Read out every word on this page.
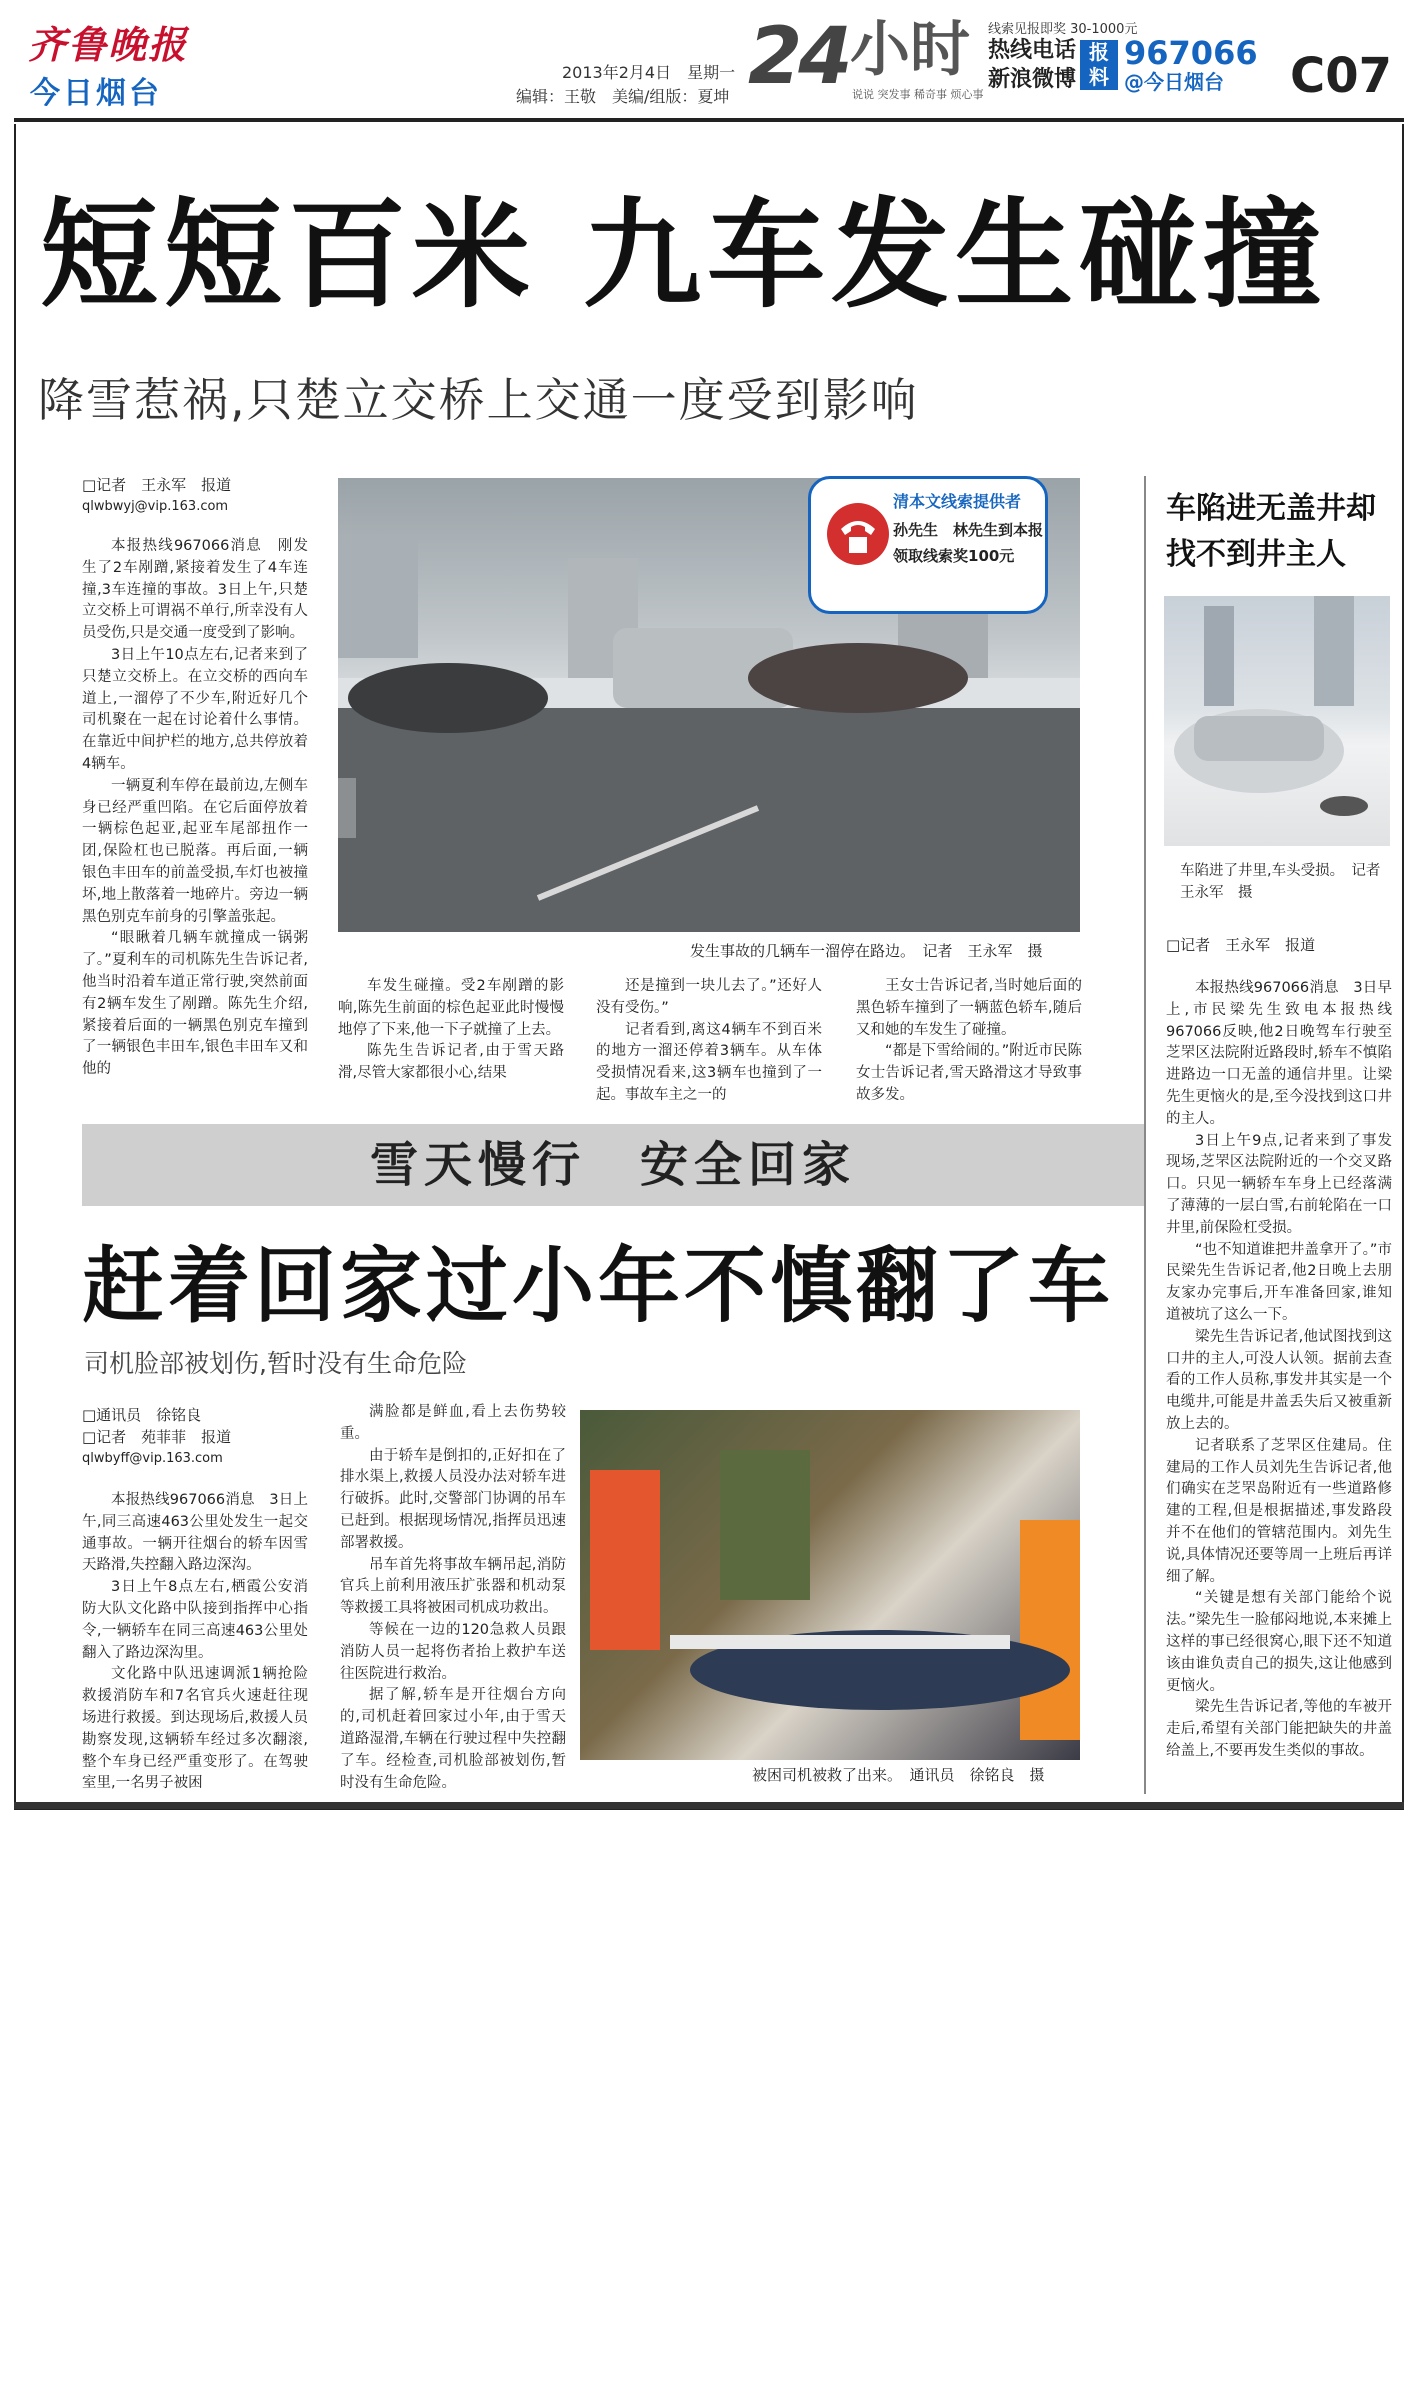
齐鲁晚报
今日烟台
2013年2月4日　星期一
编辑：王敬　美编/组版：夏坤 24 小时
说说 突发事 稀奇事 烦心事
线索见报即奖 30-1000元
热线电话
新浪微博
报料
967066
@今日烟台 C07
短短百米 九车发生碰撞
降雪惹祸,只楚立交桥上交通一度受到影响
□记者　王永军　报道
qlwbwyj@vip.163.com

本报热线967066消息　刚发生了2车剐蹭,紧接着发生了4车连撞,3车连撞的事故。3日上午,只楚立交桥上可谓祸不单行,所幸没有人员受伤,只是交通一度受到了影响。

3日上午10点左右,记者来到了只楚立交桥上。在立交桥的西向车道上,一溜停了不少车,附近好几个司机聚在一起在讨论着什么事情。在靠近中间护栏的地方,总共停放着4辆车。

一辆夏利车停在最前边,左侧车身已经严重凹陷。在它后面停放着一辆棕色起亚,起亚车尾部扭作一团,保险杠也已脱落。再后面,一辆银色丰田车的前盖受损,车灯也被撞坏,地上散落着一地碎片。旁边一辆黑色别克车前身的引擎盖张起。

“眼瞅着几辆车就撞成一锅粥了。”夏利车的司机陈先生告诉记者,他当时沿着车道正常行驶,突然前面有2辆车发生了剐蹭。陈先生介绍,紧接着后面的一辆黑色别克车撞到了一辆银色丰田车,银色丰田车又和他的

清本文线索提供者
孙先生　林先生到本报
领取线索奖100元
发生事故的几辆车一溜停在路边。　记者　王永军　摄

车发生碰撞。受2车剐蹭的影响,陈先生前面的棕色起亚此时慢慢地停了下来,他一下子就撞了上去。

陈先生告诉记者,由于雪天路滑,尽管大家都很小心,结果

还是撞到一块儿去了。”还好人没有受伤。”

记者看到,离这4辆车不到百米的地方一溜还停着3辆车。从车体受损情况看来,这3辆车也撞到了一起。事故车主之一的

王女士告诉记者,当时她后面的黑色轿车撞到了一辆蓝色轿车,随后又和她的车发生了碰撞。

“都是下雪给闹的。”附近市民陈女士告诉记者,雪天路滑这才导致事故多发。

雪天慢行　安全回家
赶着回家过小年不慎翻了车
司机脸部被划伤,暂时没有生命危险
□通讯员　徐铭良
□记者　苑菲菲　报道
qlwbyff@vip.163.com

本报热线967066消息　3日上午,同三高速463公里处发生一起交通事故。一辆开往烟台的轿车因雪天路滑,失控翻入路边深沟。

3日上午8点左右,栖霞公安消防大队文化路中队接到指挥中心指令,一辆轿车在同三高速463公里处翻入了路边深沟里。

文化路中队迅速调派1辆抢险救援消防车和7名官兵火速赶往现场进行救援。到达现场后,救援人员勘察发现,这辆轿车经过多次翻滚,整个车身已经严重变形了。在驾驶室里,一名男子被困

满脸都是鲜血,看上去伤势较重。

由于轿车是倒扣的,正好扣在了排水渠上,救援人员没办法对轿车进行破拆。此时,交警部门协调的吊车已赶到。根据现场情况,指挥员迅速部署救援。

吊车首先将事故车辆吊起,消防官兵上前利用液压扩张器和机动泵等救援工具将被困司机成功救出。

等候在一边的120急救人员跟消防人员一起将伤者抬上救护车送往医院进行救治。

据了解,轿车是开往烟台方向的,司机赶着回家过小年,由于雪天道路湿滑,车辆在行驶过程中失控翻了车。经检查,司机脸部被划伤,暂时没有生命危险。	被困司机被救了出来。　通讯员　徐铭良　摄
车陷进无盖井却找不到井主人
车陷进了井里,车头受损。　记者　王永军　摄
□记者　王永军　报道

本报热线967066消息　3日早上,市民梁先生致电本报热线967066反映,他2日晚驾车行驶至芝罘区法院附近路段时,轿车不慎陷进路边一口无盖的通信井里。让梁先生更恼火的是,至今没找到这口井的主人。

3日上午9点,记者来到了事发现场,芝罘区法院附近的一个交叉路口。只见一辆轿车车身上已经落满了薄薄的一层白雪,右前轮陷在一口井里,前保险杠受损。

“也不知道谁把井盖拿开了。”市民梁先生告诉记者,他2日晚上去朋友家办完事后,开车准备回家,谁知道被坑了这么一下。

梁先生告诉记者,他试图找到这口井的主人,可没人认领。据前去查看的工作人员称,事发井其实是一个电缆井,可能是井盖丢失后又被重新放上去的。

记者联系了芝罘区住建局。住建局的工作人员刘先生告诉记者,他们确实在芝罘岛附近有一些道路修建的工程,但是根据描述,事发路段并不在他们的管辖范围内。刘先生说,具体情况还要等周一上班后再详细了解。

“关键是想有关部门能给个说法。”梁先生一脸郁闷地说,本来摊上这样的事已经很窝心,眼下还不知道该由谁负责自己的损失,这让他感到更恼火。

梁先生告诉记者,等他的车被开走后,希望有关部门能把缺失的井盖给盖上,不要再发生类似的事故。
